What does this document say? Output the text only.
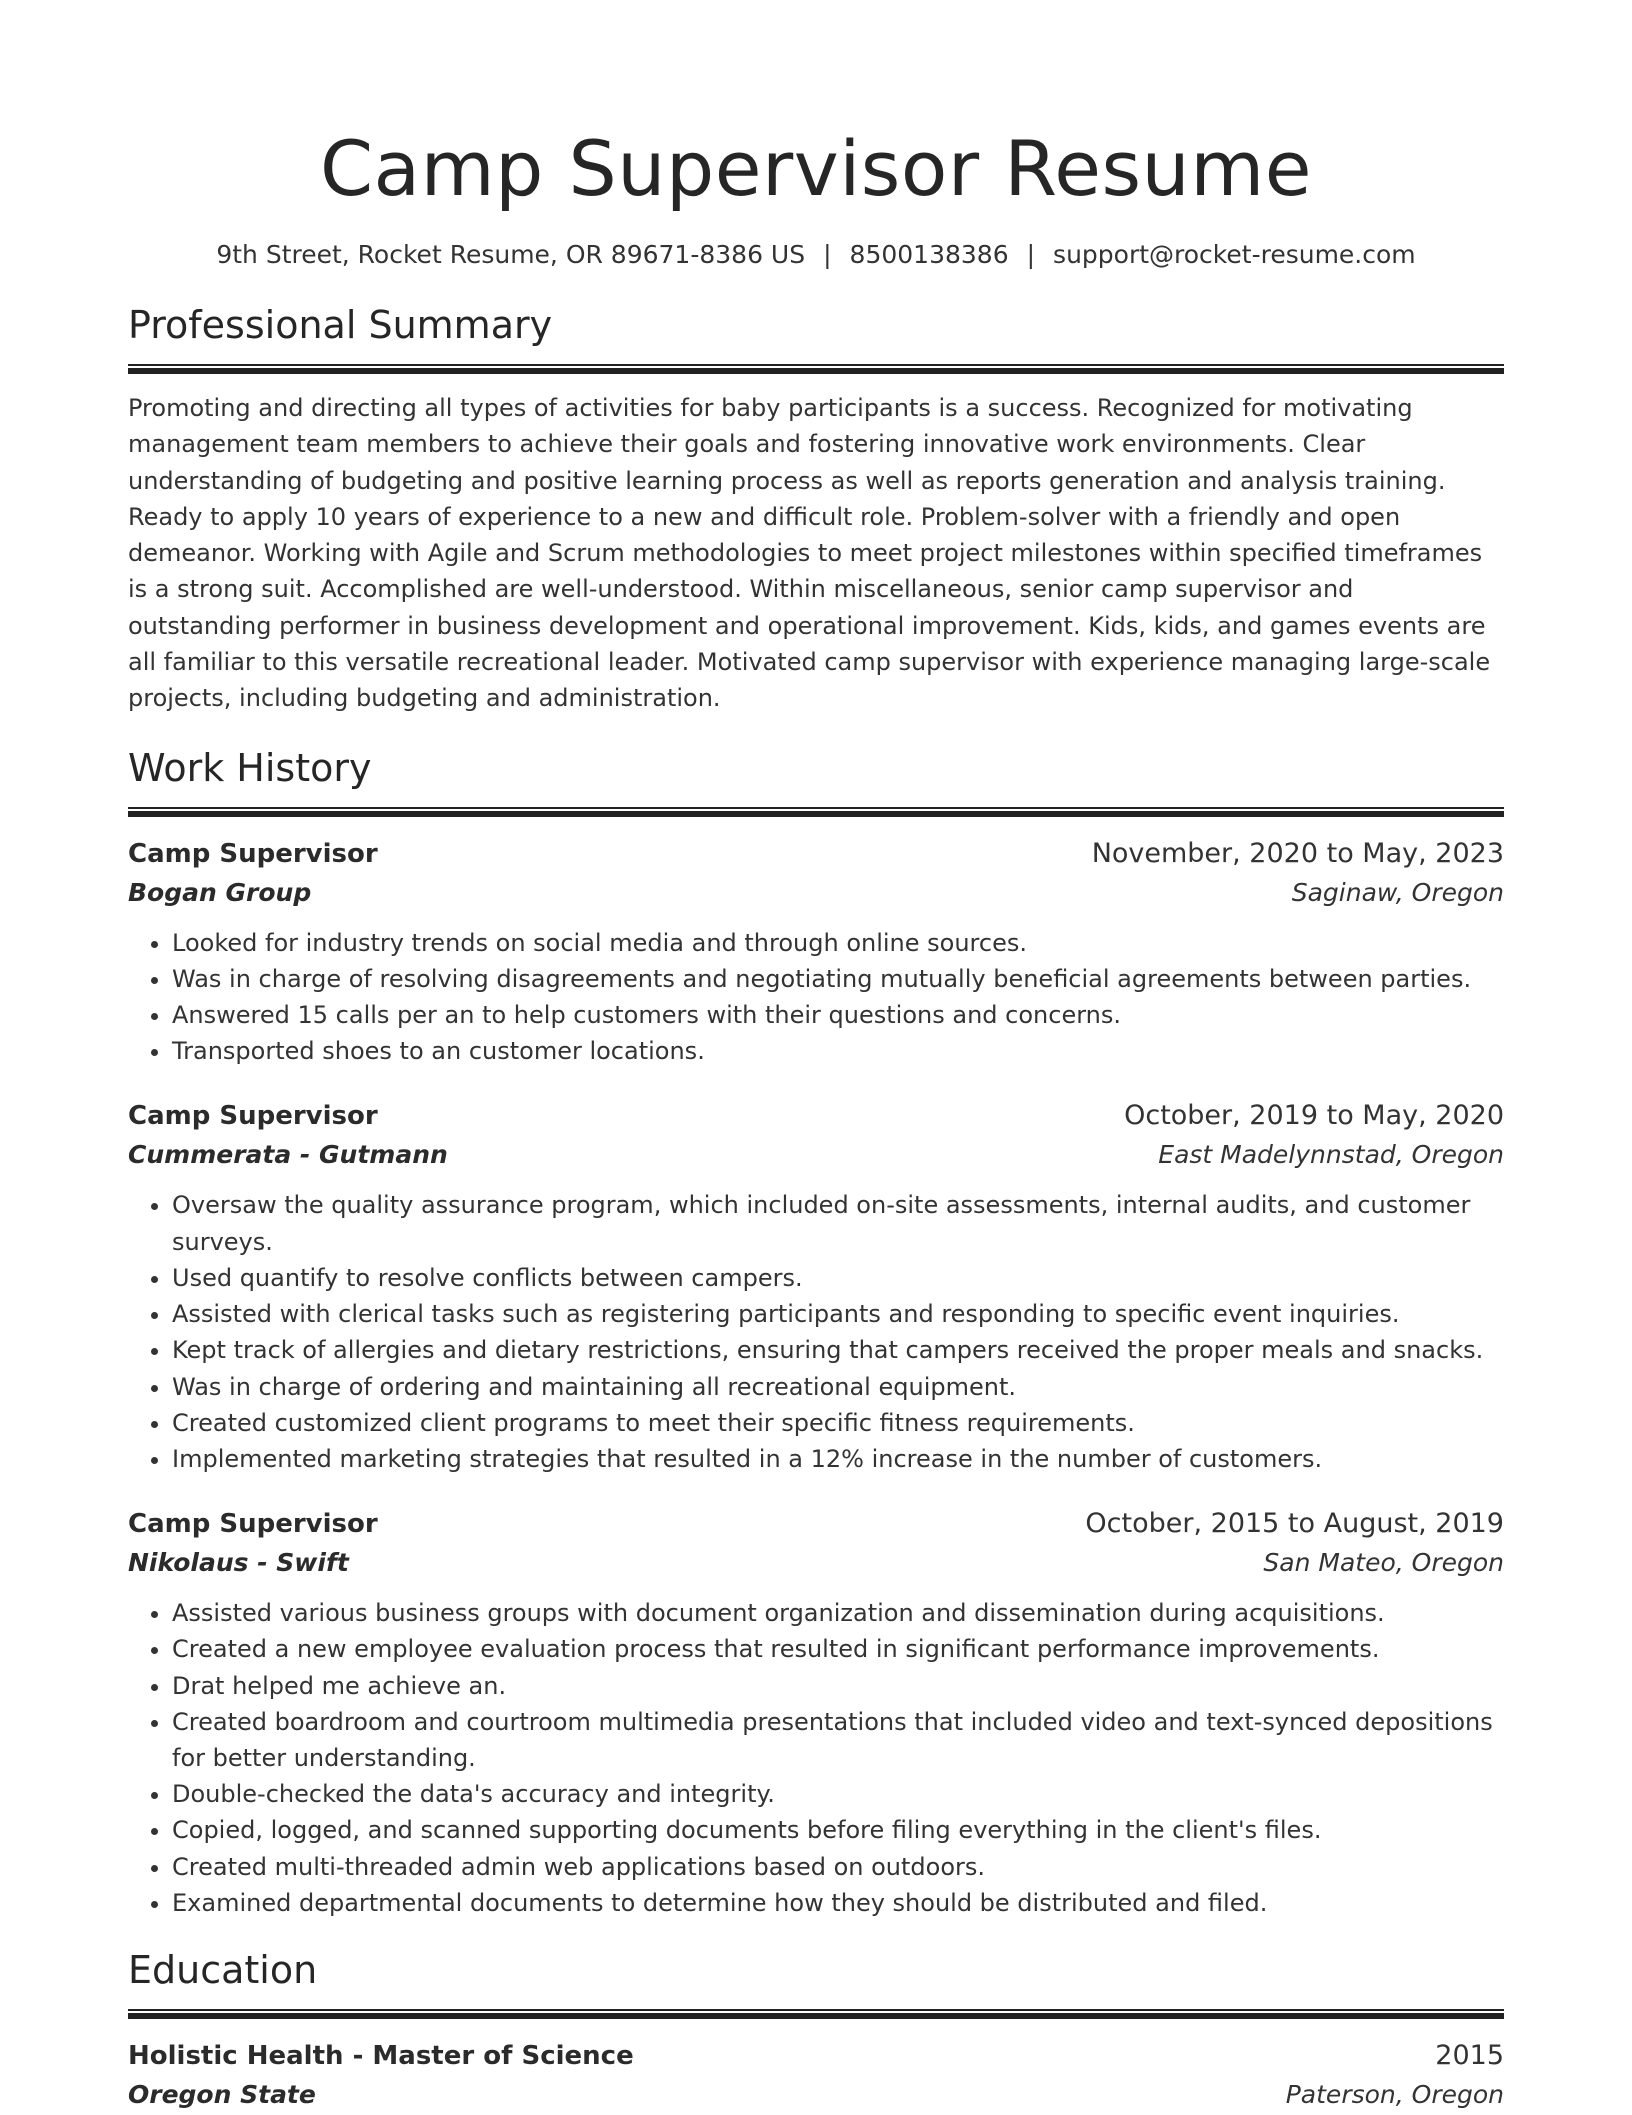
Camp Supervisor Resume
9th Street, Rocket Resume, OR 89671-8386 US | 8500138386 | support@rocket-resume.com
Professional Summary

Promoting and directing all types of activities for baby participants is a success. Recognized for motivating management team members to achieve their goals and fostering innovative work environments. Clear understanding of budgeting and positive learning process as well as reports generation and analysis training. Ready to apply 10 years of experience to a new and difficult role. Problem-solver with a friendly and open demeanor. Working with Agile and Scrum methodologies to meet project milestones within specified timeframes is a strong suit. Accomplished are well-understood. Within miscellaneous, senior camp supervisor and outstanding performer in business development and operational improvement. Kids, kids, and games events are all familiar to this versatile recreational leader. Motivated camp supervisor with experience managing large-scale projects, including budgeting and administration.

Work History
Camp Supervisor	November, 2020 to May, 2023
Bogan Group	Saginaw, Oregon
• Looked for industry trends on social media and through online sources.
• Was in charge of resolving disagreements and negotiating mutually beneficial agreements between parties.
• Answered 15 calls per an to help customers with their questions and concerns.
• Transported shoes to an customer locations.
Camp Supervisor	October, 2019 to May, 2020
Cummerata - Gutmann	East Madelynnstad, Oregon
• Oversaw the quality assurance program, which included on-site assessments, internal audits, and customer surveys.
• Used quantify to resolve conflicts between campers.
• Assisted with clerical tasks such as registering participants and responding to specific event inquiries.
• Kept track of allergies and dietary restrictions, ensuring that campers received the proper meals and snacks.
• Was in charge of ordering and maintaining all recreational equipment.
• Created customized client programs to meet their specific fitness requirements.
• Implemented marketing strategies that resulted in a 12% increase in the number of customers.
Camp Supervisor	October, 2015 to August, 2019
Nikolaus - Swift	San Mateo, Oregon
• Assisted various business groups with document organization and dissemination during acquisitions.
• Created a new employee evaluation process that resulted in significant performance improvements.
• Drat helped me achieve an.
• Created boardroom and courtroom multimedia presentations that included video and text-synced depositions for better understanding.
• Double-checked the data's accuracy and integrity.
• Copied, logged, and scanned supporting documents before filing everything in the client's files.
• Created multi-threaded admin web applications based on outdoors.
• Examined departmental documents to determine how they should be distributed and filed.
Education
Holistic Health - Master of Science	2015
Oregon State	Paterson, Oregon
